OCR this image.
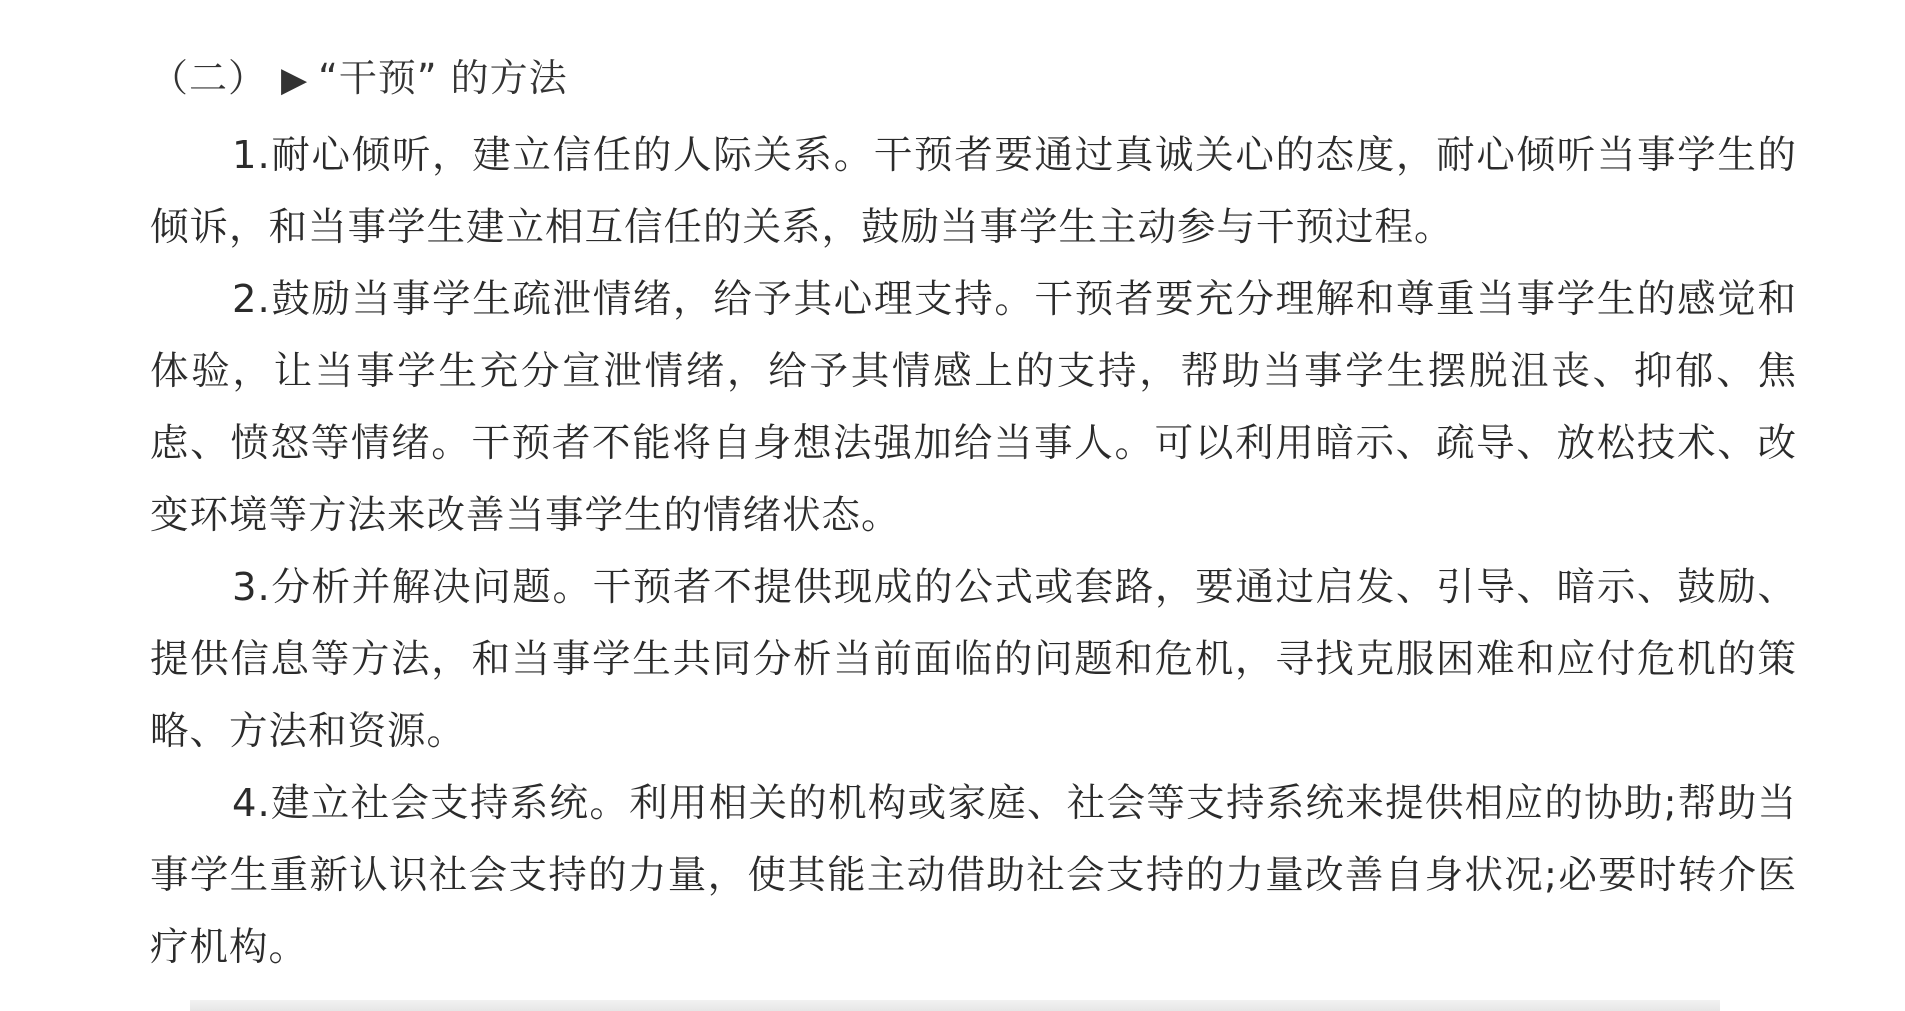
（二） ▶ “干预” 的方法

1.耐心倾听，建立信任的人际关系。干预者要通过真诚关心的态度，耐心倾听当事学生的倾诉，和当事学生建立相互信任的关系，鼓励当事学生主动参与干预过程。

2.鼓励当事学生疏泄情绪，给予其心理支持。干预者要充分理解和尊重当事学生的感觉和体验，让当事学生充分宣泄情绪，给予其情感上的支持，帮助当事学生摆脱沮丧、抑郁、焦虑、愤怒等情绪。干预者不能将自身想法强加给当事人。可以利用暗示、疏导、放松技术、改变环境等方法来改善当事学生的情绪状态。

3.分析并解决问题。干预者不提供现成的公式或套路，要通过启发、引导、暗示、鼓励、提供信息等方法，和当事学生共同分析当前面临的问题和危机，寻找克服困难和应付危机的策略、方法和资源。

4.建立社会支持系统。利用相关的机构或家庭、社会等支持系统来提供相应的协助;帮助当事学生重新认识社会支持的力量，使其能主动借助社会支持的力量改善自身状况;必要时转介医疗机构。
